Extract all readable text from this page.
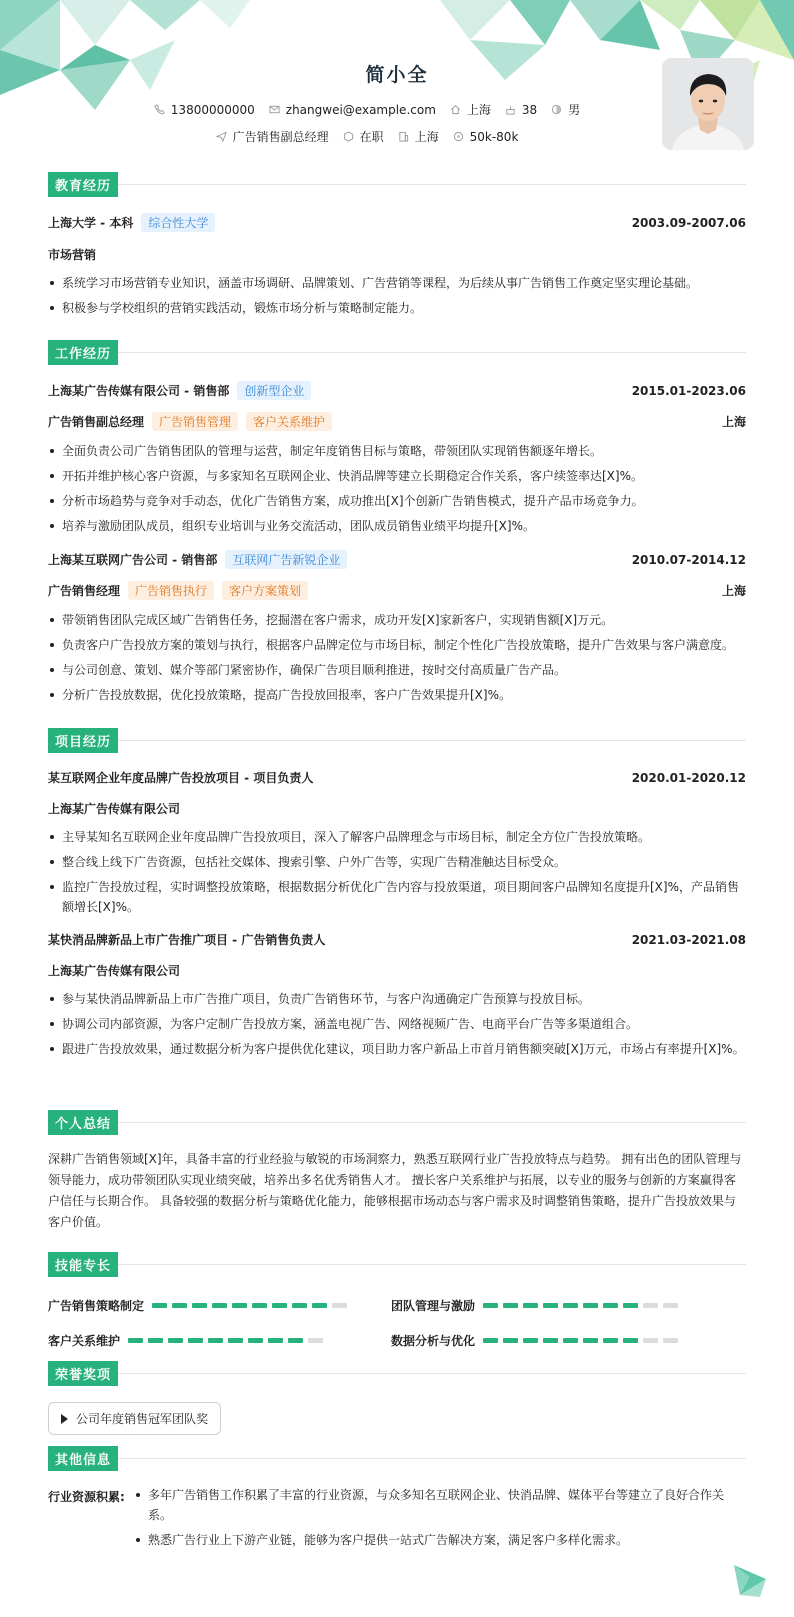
简小全
13800000000	zhangwei@example.com	上海	38	男
广告销售副总经理	在职	上海	50k-80k
教育经历
上海大学 - 本科 综合性大学	2003.09-2007.06
市场营销
系统学习市场营销专业知识，涵盖市场调研、品牌策划、广告营销等课程，为后续从事广告销售工作奠定坚实理论基础。
积极参与学校组织的营销实践活动，锻炼市场分析与策略制定能力。
工作经历
上海某广告传媒有限公司 - 销售部 创新型企业	2015.01-2023.06
广告销售副总经理 广告销售管理 客户关系维护	上海
全面负责公司广告销售团队的管理与运营，制定年度销售目标与策略，带领团队实现销售额逐年增长。
开拓并维护核心客户资源，与多家知名互联网企业、快消品牌等建立长期稳定合作关系，客户续签率达[X]%。
分析市场趋势与竞争对手动态，优化广告销售方案，成功推出[X]个创新广告销售模式，提升产品市场竞争力。
培养与激励团队成员，组织专业培训与业务交流活动，团队成员销售业绩平均提升[X]%。
上海某互联网广告公司 - 销售部 互联网广告新锐企业	2010.07-2014.12
广告销售经理 广告销售执行 客户方案策划	上海
带领销售团队完成区域广告销售任务，挖掘潜在客户需求，成功开发[X]家新客户，实现销售额[X]万元。
负责客户广告投放方案的策划与执行，根据客户品牌定位与市场目标，制定个性化广告投放策略，提升广告效果与客户满意度。
与公司创意、策划、媒介等部门紧密协作，确保广告项目顺利推进，按时交付高质量广告产品。
分析广告投放数据，优化投放策略，提高广告投放回报率，客户广告效果提升[X]%。
项目经历
某互联网企业年度品牌广告投放项目 - 项目负责人	2020.01-2020.12
上海某广告传媒有限公司
主导某知名互联网企业年度品牌广告投放项目，深入了解客户品牌理念与市场目标，制定全方位广告投放策略。
整合线上线下广告资源，包括社交媒体、搜索引擎、户外广告等，实现广告精准触达目标受众。
监控广告投放过程，实时调整投放策略，根据数据分析优化广告内容与投放渠道，项目期间客户品牌知名度提升[X]%，产品销售额增长[X]%。
某快消品牌新品上市广告推广项目 - 广告销售负责人	2021.03-2021.08
上海某广告传媒有限公司
参与某快消品牌新品上市广告推广项目，负责广告销售环节，与客户沟通确定广告预算与投放目标。
协调公司内部资源，为客户定制广告投放方案，涵盖电视广告、网络视频广告、电商平台广告等多渠道组合。
跟进广告投放效果，通过数据分析为客户提供优化建议，项目助力客户新品上市首月销售额突破[X]万元，市场占有率提升[X]%。
个人总结

深耕广告销售领域[X]年，具备丰富的行业经验与敏锐的市场洞察力，熟悉互联网行业广告投放特点与趋势。 拥有出色的团队管理与领导能力，成功带领团队实现业绩突破，培养出多名优秀销售人才。 擅长客户关系维护与拓展，以专业的服务与创新的方案赢得客户信任与长期合作。 具备较强的数据分析与策略优化能力，能够根据市场动态与客户需求及时调整销售策略，提升广告投放效果与客户价值。

技能专长
广告销售策略制定	团队管理与激励
客户关系维护	数据分析与优化
荣誉奖项
公司年度销售冠军团队奖
其他信息
行业资源积累:	多年广告销售工作积累了丰富的行业资源，与众多知名互联网企业、快消品牌、媒体平台等建立了良好合作关系。
熟悉广告行业上下游产业链，能够为客户提供一站式广告解决方案，满足客户多样化需求。
